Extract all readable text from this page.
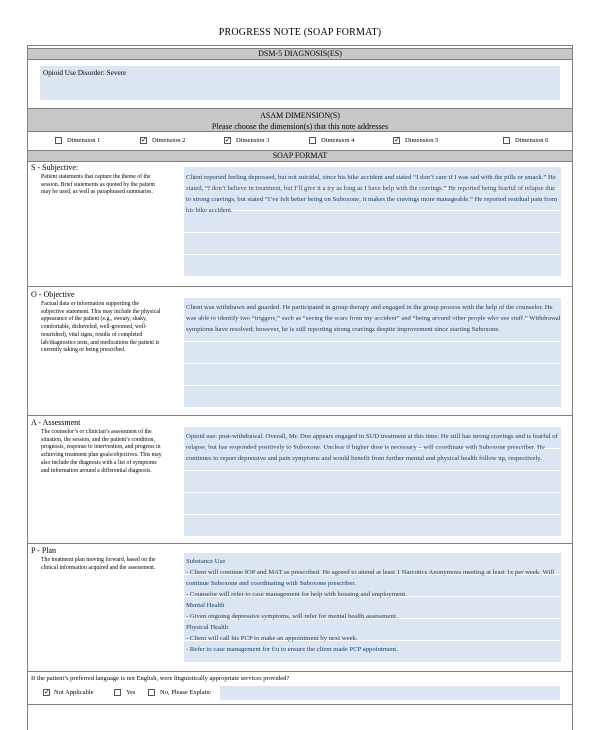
PROGRESS NOTE (SOAP FORMAT)
DSM-5 DIAGNOSIS(ES)
Opioid Use Disorder: Severe
ASAM DIMENSION(S)
Please choose the dimension(s) that this note addresses
Dimension 1	✓ Dimension 2	✓ Dimension 3	Dimension 4	✓ Dimension 5	Dimension 6
SOAP FORMAT
S - Subjective:
Patient statements that capture the theme of the session. Brief statements as quoted by the patient may be used, as well as paraphrased summaries.
Client reported feeling depressed, but not suicidal, since his bike accident and stated “I don’t care if I was sad with the pills or smack.” He stated, “I don’t believe in treatment, but I’ll give it a try as long as I have help with the cravings.” He reported being fearful of relapse due to strong cravings, but stated “I’ve felt better being on Suboxone, it makes the cravings more manageable.” He reported residual pain from his bike accident.
O - Objective
Factual data or information supporting the subjective statement. This may include the physical appearance of the patient (e.g., sweaty, shaky, comfortable, disheveled, well-groomed, well-nourished), vital signs, results of completed lab/diagnostics tests, and medications the patient is currently taking or being prescribed.
Client was withdrawn and guarded. He participated in group therapy and engaged in the group process with the help of the counselor. He was able to identify two “triggers,” such as “seeing the scars from my accident” and “being around other people who use stuff.” Withdrawal symptoms have resolved; however, he is still reporting strong cravings despite improvement since starting Suboxone.
A - Assessment
The counselor’s or clinician’s assessment of the situation, the session, and the patient’s condition, prognosis, response to intervention, and progress in achieving treatment plan goals/objectives. This may also include the diagnosis with a list of symptoms and information around a differential diagnosis.
Opioid use: post-withdrawal. Overall, Mr. Doe appears engaged in SUD treatment at this time. He still has strong cravings and is fearful of relapse, but has responded positively to Suboxone. Unclear if higher dose is necessary – will coordinate with Suboxone prescriber. He continues to report depressive and pain symptoms and would benefit from further mental and physical health follow up, respectively.
P - Plan
The treatment plan moving forward, based on the clinical information acquired and the assessment.
Substance Use
- Client will continue IOP and MAT as prescribed. He agreed to attend at least 1 Narcotics Anonymous meeting at least 1x per week. Will continue Suboxone and coordinating with Suboxone prescriber.
- Counselor will refer to case management for help with housing and employment.
Mental Health
- Given ongoing depressive symptoms, will refer for mental health assessment.
Physical Health
- Client will call his PCP to make an appointment by next week.
- Refer to case management for f/u to ensure the client made PCP appointment.
If the patient’s preferred language is not English, were linguistically appropriate services provided?
✓ Not Applicable	Yes	No, Please Explain:
